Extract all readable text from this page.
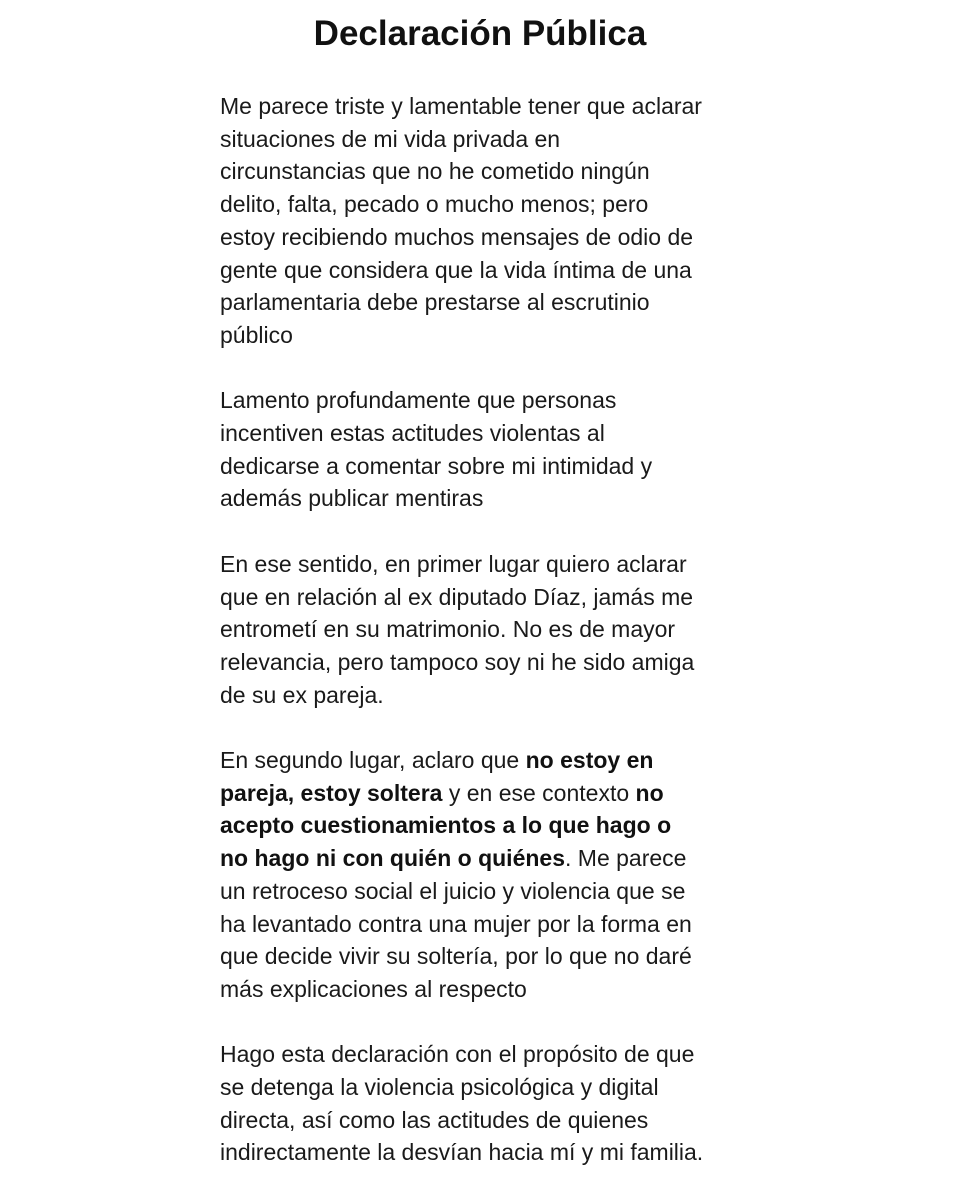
Declaración Pública

Me parece triste y lamentable tener que aclarar
situaciones de mi vida privada en
circunstancias que no he cometido ningún
delito, falta, pecado o mucho menos; pero
estoy recibiendo muchos mensajes de odio de
gente que considera que la vida íntima de una
parlamentaria debe prestarse al escrutinio
público

Lamento profundamente que personas
incentiven estas actitudes violentas al
dedicarse a comentar sobre mi intimidad y
además publicar mentiras

En ese sentido, en primer lugar quiero aclarar
que en relación al ex diputado Díaz, jamás me
entrometí en su matrimonio. No es de mayor
relevancia, pero tampoco soy ni he sido amiga
de su ex pareja.

En segundo lugar, aclaro que no estoy en
pareja, estoy soltera y en ese contexto no
acepto cuestionamientos a lo que hago o
no hago ni con quién o quiénes. Me parece
un retroceso social el juicio y violencia que se
ha levantado contra una mujer por la forma en
que decide vivir su soltería, por lo que no daré
más explicaciones al respecto

Hago esta declaración con el propósito de que
se detenga la violencia psicológica y digital
directa, así como las actitudes de quienes
indirectamente la desvían hacia mí y mi familia.
